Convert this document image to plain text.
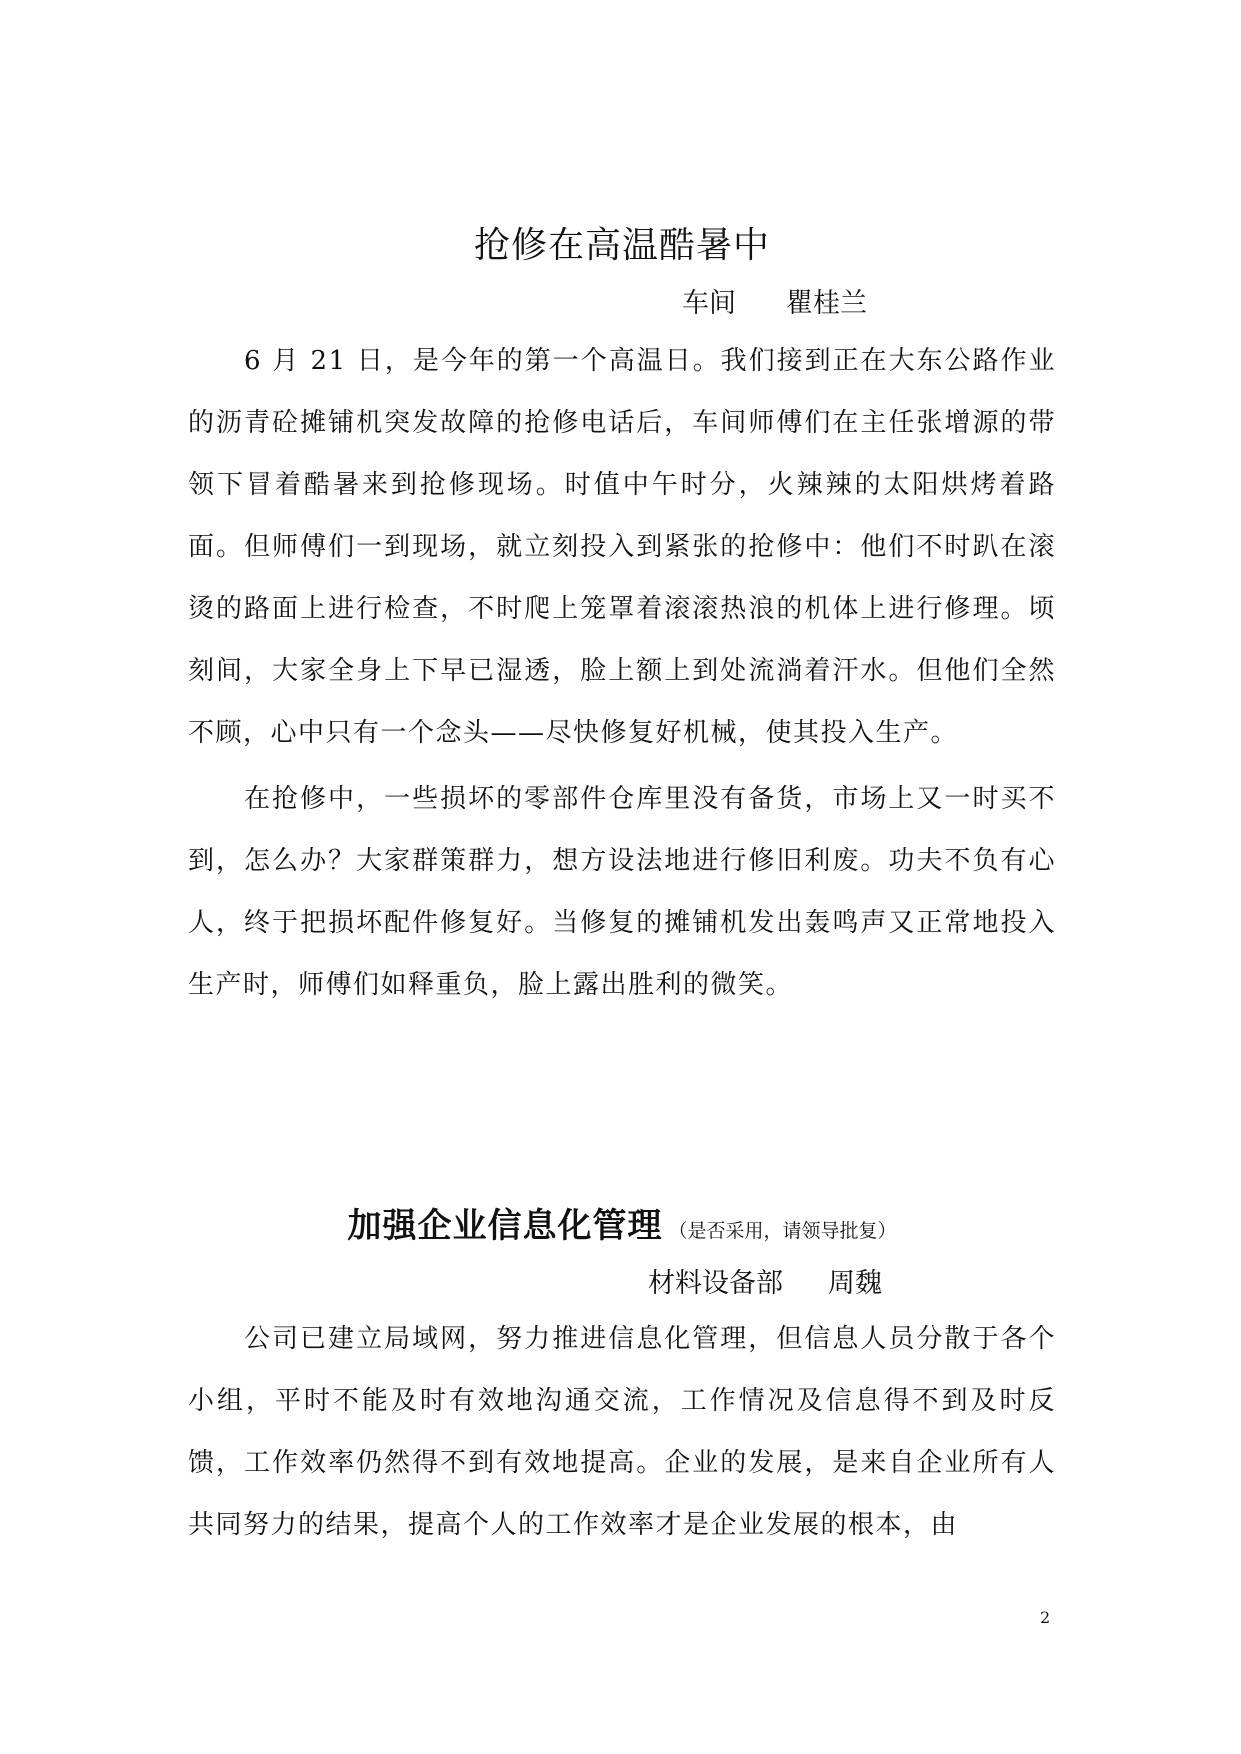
抢修在高温酷暑中
车间 瞿桂兰

6 月 21 日，是今年的第一个高温日。我们接到正在大东公路作业的沥青砼摊铺机突发故障的抢修电话后，车间师傅们在主任张增源的带领下冒着酷暑来到抢修现场。时值中午时分，火辣辣的太阳烘烤着路面。但师傅们一到现场，就立刻投入到紧张的抢修中：他们不时趴在滚烫的路面上进行检查，不时爬上笼罩着滚滚热浪的机体上进行修理。顷刻间，大家全身上下早已湿透，脸上额上到处流淌着汗水。但他们全然不顾，心中只有一个念头——尽快修复好机械，使其投入生产。

在抢修中，一些损坏的零部件仓库里没有备货，市场上又一时买不到，怎么办？大家群策群力，想方设法地进行修旧利废。功夫不负有心人，终于把损坏配件修复好。当修复的摊铺机发出轰鸣声又正常地投入生产时，师傅们如释重负，脸上露出胜利的微笑。

加强企业信息化管理 （是否采用，请领导批复）
材料设备部 周魏

公司已建立局域网，努力推进信息化管理，但信息人员分散于各个小组，平时不能及时有效地沟通交流，工作情况及信息得不到及时反馈，工作效率仍然得不到有效地提高。企业的发展，是来自企业所有人共同努力的结果，提高个人的工作效率才是企业发展的根本，由

2
